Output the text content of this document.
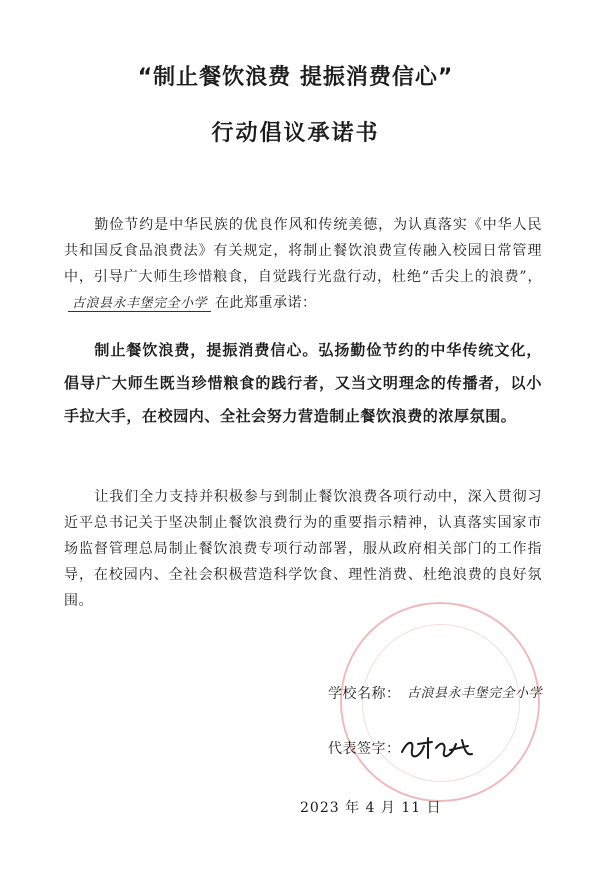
“制止餐饮浪费 提振消费信心”
行动倡议承诺书
勤俭节约是中华民族的优良作风和传统美德，为认真落实《中华人民共和国反食品浪费法》有关规定，将制止餐饮浪费宣传融入校园日常管理中，引导广大师生珍惜粮食，自觉践行光盘行动，杜绝“舌尖上的浪费”，古浪县永丰堡完全小学 在此郑重承诺：
制止餐饮浪费，提振消费信心。弘扬勤俭节约的中华传统文化，倡导广大师生既当珍惜粮食的践行者，又当文明理念的传播者，以小手拉大手，在校园内、全社会努力营造制止餐饮浪费的浓厚氛围。
让我们全力支持并积极参与到制止餐饮浪费各项行动中，深入贯彻习近平总书记关于坚决制止餐饮浪费行为的重要指示精神，认真落实国家市场监督管理总局制止餐饮浪费专项行动部署，服从政府相关部门的工作指导，在校园内、全社会积极营造科学饮食、理性消费、杜绝浪费的良好氛围。
学校名称： 古浪县永丰堡完全小学
代表签字：
2023 年 4 月 11 日
